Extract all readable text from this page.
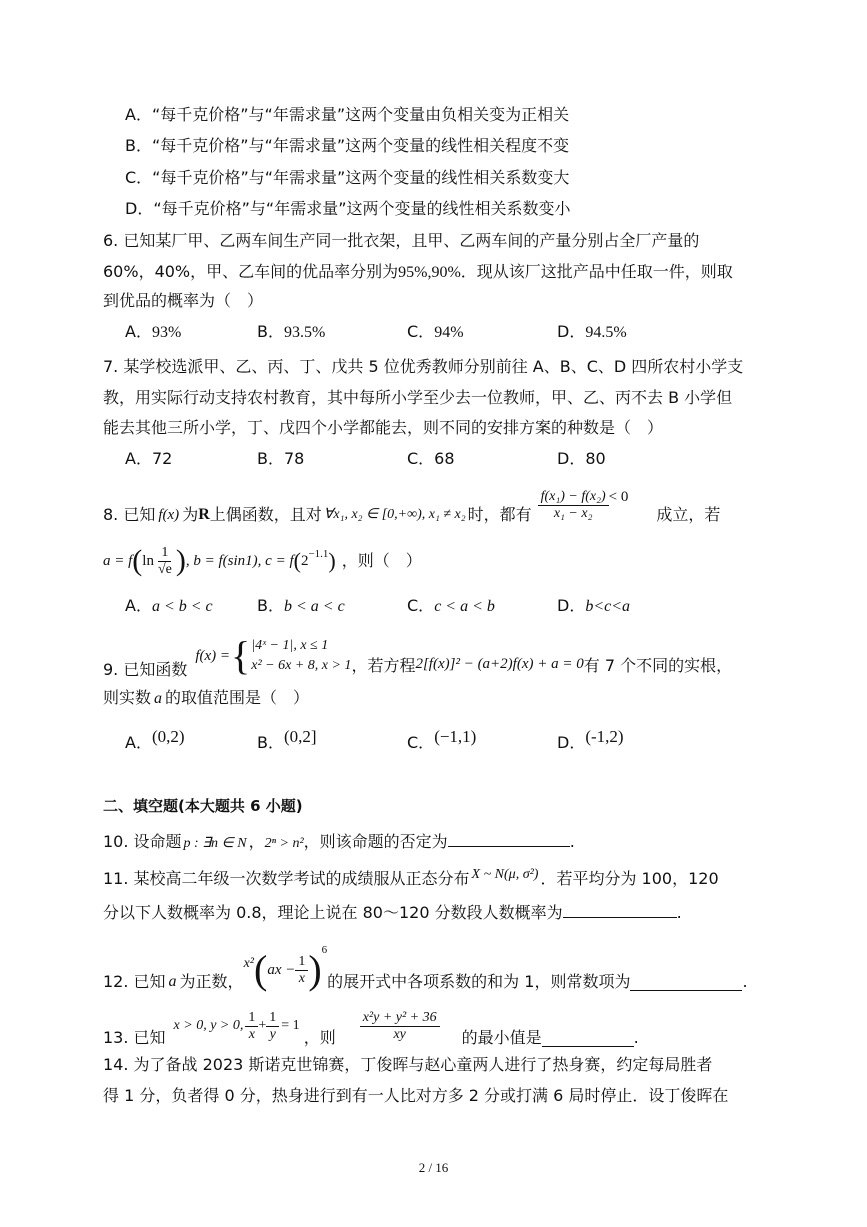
A．“每千克价格”与“年需求量”这两个变量由负相关变为正相关
B．“每千克价格”与“年需求量”这两个变量的线性相关程度不变
C．“每千克价格”与“年需求量”这两个变量的线性相关系数变大
D．“每千克价格”与“年需求量”这两个变量的线性相关系数变小
6. 已知某厂甲、乙两车间生产同一批衣架，且甲、乙两车间的产量分别占全厂产量的
60%，40%，甲、乙车间的优品率分别为95%,90%．现从该厂这批产品中任取一件，则取
到优品的概率为（　）
A．93%	B．93.5%	C．94%	D．94.5%
7. 某学校选派甲、乙、丙、丁、戊共 5 位优秀教师分别前往 A、B、C、D 四所农村小学支
教，用实际行动支持农村教育，其中每所小学至少去一位教师，甲、乙、丙不去 B 小学但
能去其他三所小学，丁、戊四个小学都能去，则不同的安排方案的种数是（　）
A．72	B．78	C．68	D．80
8. 已知 f(x) 为 R 上偶函数，且对 ∀x₁, x₂ ∈ [0,+∞), x₁ ≠ x₂ 时，都有 $\frac{\text{f(x₁) − f(x₂)}}{\text{x₁ − x₂}} < 0$
成立，若
a = f ( $\ln \frac{1}{√e}$ ) , b = f(sin1), c = f ( 2 −1.1 ) ，则（　）
A．a < b < c	B．b < a < c	C．c < a < b	D．b<c<a
9. 已知函数
f(x) = { |4ˣ − 1|, x ≤ 1
x² − 6x + 8, x > 1 ，若方程 2[f(x)]² − (a+2)f(x) + a = 0 有 7 个不同的实根，
则实数 a 的取值范围是（　）
A．(0,2)	B．(0,2]	C．(−1,1)	D．(-1,2)
二、填空题(本大题共 6 小题)
10. 设命题 p : ∃n ∈ N ，2ⁿ > n²，则该命题的否定为	.
11. 某校高二年级一次数学考试的成绩服从正态分布 X ~ N(μ, σ²) ．若平均分为 100，120
分以下人数概率为 0.8，理论上说在 80～120 分数段人数概率为	.
12. 已知 a 为正数，
x² ( ax − $\frac{1}{x}$ ) 6
的展开式中各项系数的和为 1，则常数项为	.
13. 已知
x > 0, y > 0, $\frac{1}{x} + \frac{1}{y} = 1$
，则 $\frac{\text{x²y + y² + 36}}{xy}$ 的最小值是	.
14. 为了备战 2023 斯诺克世锦赛，丁俊晖与赵心童两人进行了热身赛，约定每局胜者
得 1 分，负者得 0 分，热身进行到有一人比对方多 2 分或打满 6 局时停止．设丁俊晖在
2 / 16
